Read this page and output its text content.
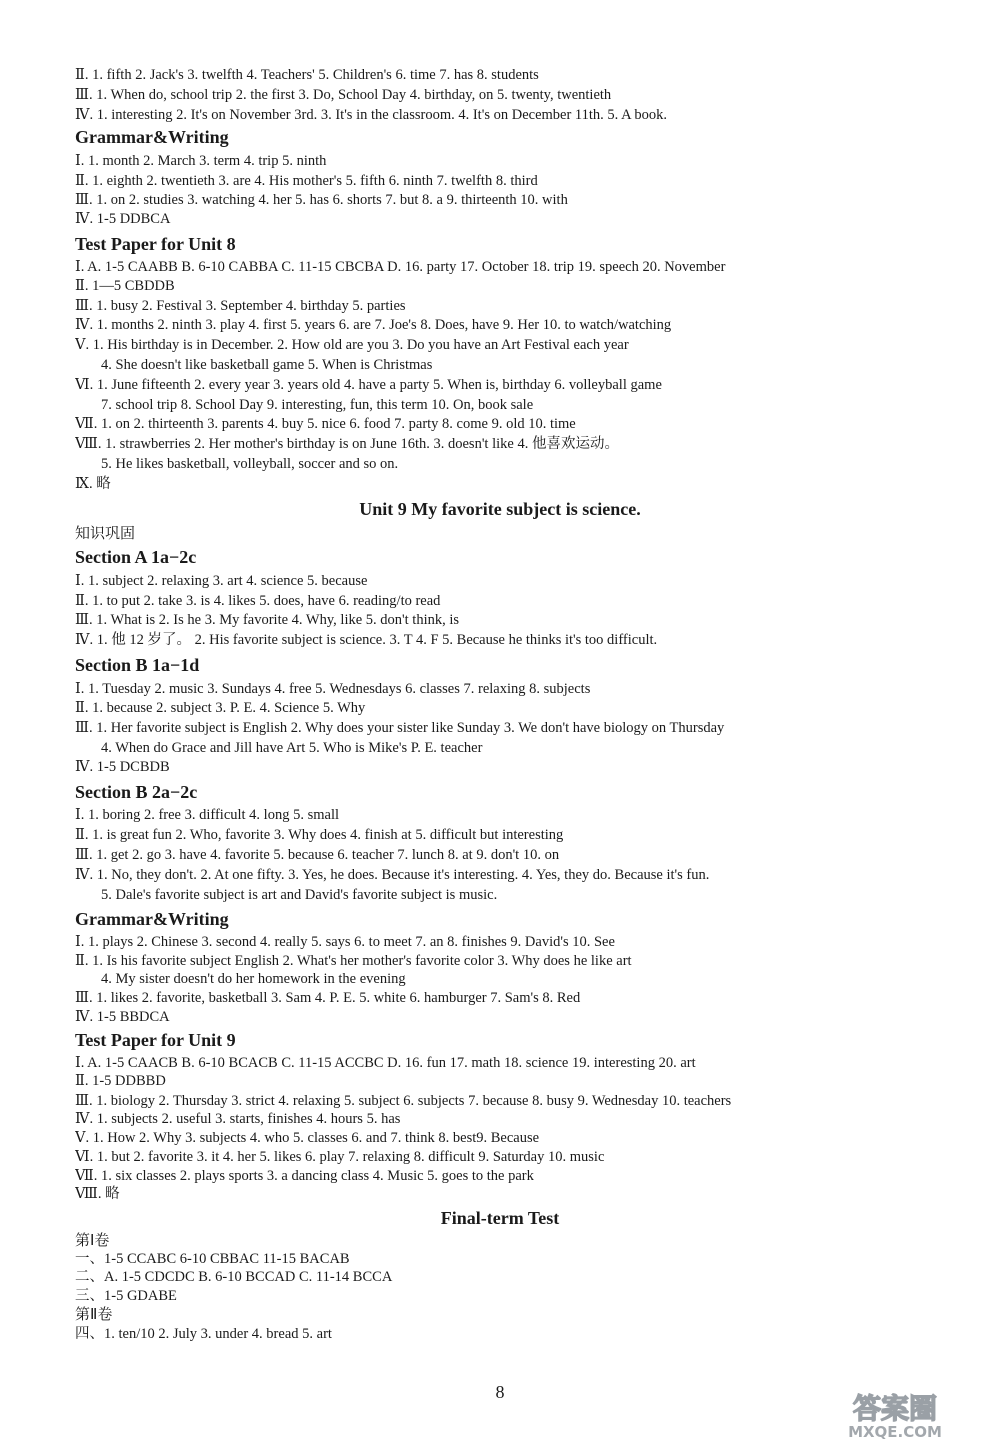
Ⅱ. 1. fifth 2. Jack's 3. twelfth 4. Teachers' 5. Children's 6. time 7. has 8. students
Ⅲ. 1. When do, school trip 2. the first 3. Do, School Day 4. birthday, on 5. twenty, twentieth
Ⅳ. 1. interesting 2. It's on November 3rd. 3. It's in the classroom. 4. It's on December 11th. 5. A book.
Grammar&Writing
Ⅰ. 1. month 2. March 3. term 4. trip 5. ninth
Ⅱ. 1. eighth 2. twentieth 3. are 4. His mother's 5. fifth 6. ninth 7. twelfth 8. third
Ⅲ. 1. on 2. studies 3. watching 4. her 5. has 6. shorts 7. but 8. a 9. thirteenth 10. with
Ⅳ. 1-5 DDBCA
Test Paper for Unit 8
Ⅰ. A. 1-5 CAABB B. 6-10 CABBA C. 11-15 CBCBA D. 16. party 17. October 18. trip 19. speech 20. November
Ⅱ. 1—5 CBDDB
Ⅲ. 1. busy 2. Festival 3. September 4. birthday 5. parties
Ⅳ. 1. months 2. ninth 3. play 4. first 5. years 6. are 7. Joe's 8. Does, have 9. Her 10. to watch/watching
Ⅴ. 1. His birthday is in December. 2. How old are you 3. Do you have an Art Festival each year
4. She doesn't like basketball game 5. When is Christmas
Ⅵ. 1. June fifteenth 2. every year 3. years old 4. have a party 5. When is, birthday 6. volleyball game
7. school trip 8. School Day 9. interesting, fun, this term 10. On, book sale
Ⅶ. 1. on 2. thirteenth 3. parents 4. buy 5. nice 6. food 7. party 8. come 9. old 10. time
Ⅷ. 1. strawberries 2. Her mother's birthday is on June 16th. 3. doesn't like 4. 他喜欢运动。
5. He likes basketball, volleyball, soccer and so on.
Ⅸ. 略
Unit 9 My favorite subject is science.
知识巩固
Section A 1a−2c
Ⅰ. 1. subject 2. relaxing 3. art 4. science 5. because
Ⅱ. 1. to put 2. take 3. is 4. likes 5. does, have 6. reading/to read
Ⅲ. 1. What is 2. Is he 3. My favorite 4. Why, like 5. don't think, is
Ⅳ. 1. 他 12 岁了。 2. His favorite subject is science. 3. T 4. F 5. Because he thinks it's too difficult.
Section B 1a−1d
Ⅰ. 1. Tuesday 2. music 3. Sundays 4. free 5. Wednesdays 6. classes 7. relaxing 8. subjects
Ⅱ. 1. because 2. subject 3. P. E. 4. Science 5. Why
Ⅲ. 1. Her favorite subject is English 2. Why does your sister like Sunday 3. We don't have biology on Thursday
4. When do Grace and Jill have Art 5. Who is Mike's P. E. teacher
Ⅳ. 1-5 DCBDB
Section B 2a−2c
Ⅰ. 1. boring 2. free 3. difficult 4. long 5. small
Ⅱ. 1. is great fun 2. Who, favorite 3. Why does 4. finish at 5. difficult but interesting
Ⅲ. 1. get 2. go 3. have 4. favorite 5. because 6. teacher 7. lunch 8. at 9. don't 10. on
Ⅳ. 1. No, they don't. 2. At one fifty. 3. Yes, he does. Because it's interesting. 4. Yes, they do. Because it's fun.
5. Dale's favorite subject is art and David's favorite subject is music.
Grammar&Writing
Ⅰ. 1. plays 2. Chinese 3. second 4. really 5. says 6. to meet 7. an 8. finishes 9. David's 10. See
Ⅱ. 1. Is his favorite subject English 2. What's her mother's favorite color 3. Why does he like art
4. My sister doesn't do her homework in the evening
Ⅲ. 1. likes 2. favorite, basketball 3. Sam 4. P. E. 5. white 6. hamburger 7. Sam's 8. Red
Ⅳ. 1-5 BBDCA
Test Paper for Unit 9
Ⅰ. A. 1-5 CAACB B. 6-10 BCACB C. 11-15 ACCBC D. 16. fun 17. math 18. science 19. interesting 20. art
Ⅱ. 1-5 DDBBD
Ⅲ. 1. biology 2. Thursday 3. strict 4. relaxing 5. subject 6. subjects 7. because 8. busy 9. Wednesday 10. teachers
Ⅳ. 1. subjects 2. useful 3. starts, finishes 4. hours 5. has
Ⅴ. 1. How 2. Why 3. subjects 4. who 5. classes 6. and 7. think 8. best9. Because
Ⅵ. 1. but 2. favorite 3. it 4. her 5. likes 6. play 7. relaxing 8. difficult 9. Saturday 10. music
Ⅶ. 1. six classes 2. plays sports 3. a dancing class 4. Music 5. goes to the park
Ⅷ. 略
Final-term Test
第Ⅰ卷
一、1-5 CCABC 6-10 CBBAC 11-15 BACAB
二、A. 1-5 CDCDC B. 6-10 BCCAD C. 11-14 BCCA
三、1-5 GDABE
第Ⅱ卷
四、1. ten/10 2. July 3. under 4. bread 5. art
8	答案圈
MXQE.COM
